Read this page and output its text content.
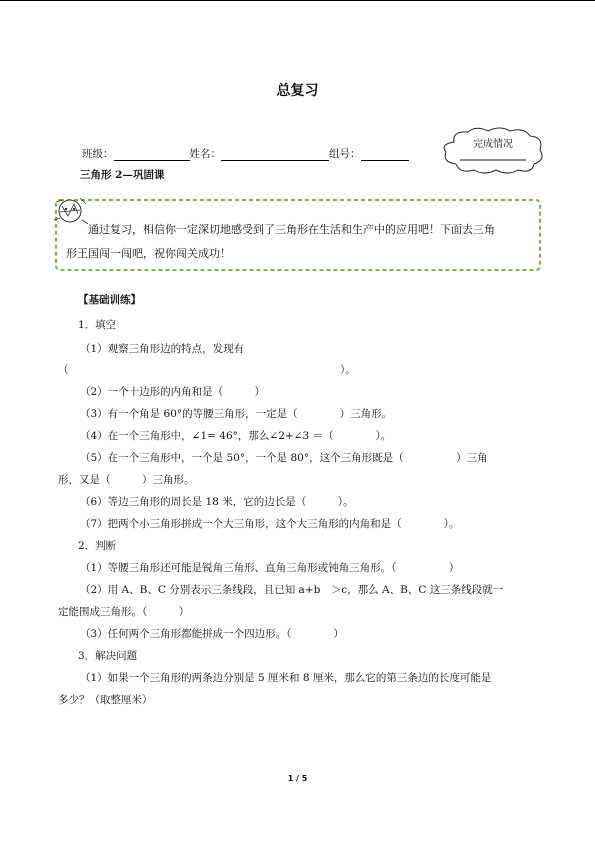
总复习
班级：	姓名：	组号：
完成情况
三角形 2—巩固课
通过复习，相信你一定深切地感受到了三角形在生活和生产中的应用吧！下面去三角
形王国闯一闯吧，祝你闯关成功！
【基础训练】
1．填空
（1）观察三角形边的特点，发现有
（	）。
（2）一个十边形的内角和是（　　　）
（3）有一个角是 60°的等腰三角形，一定是（　　　　）三角形。
（4）在一个三角形中，∠1= 46°，那么∠2+∠3 ＝（　　　　）。
（5）在一个三角形中，一个是 50°，一个是 80°，这个三角形既是（　　　　　）三角
形，又是（　　　）三角形。
（6）等边三角形的周长是 18 米，它的边长是（　　　）。
（7）把两个小三角形拼成一个大三角形，这个大三角形的内角和是（　　　　）。
2．判断
（1）等腰三角形还可能是锐角三角形、直角三角形或钝角三角形。（　　　　　）
（2）用 A、B、C 分别表示三条线段，且已知 a+b　＞c，那么 A、B、C 这三条线段就一
定能围成三角形。（　　　）
（3）任何两个三角形都能拼成一个四边形。（　　　　）
3．解决问题
（1）如果一个三角形的两条边分别是 5 厘米和 8 厘米，那么它的第三条边的长度可能是
多少？（取整厘米）
1 / 5
